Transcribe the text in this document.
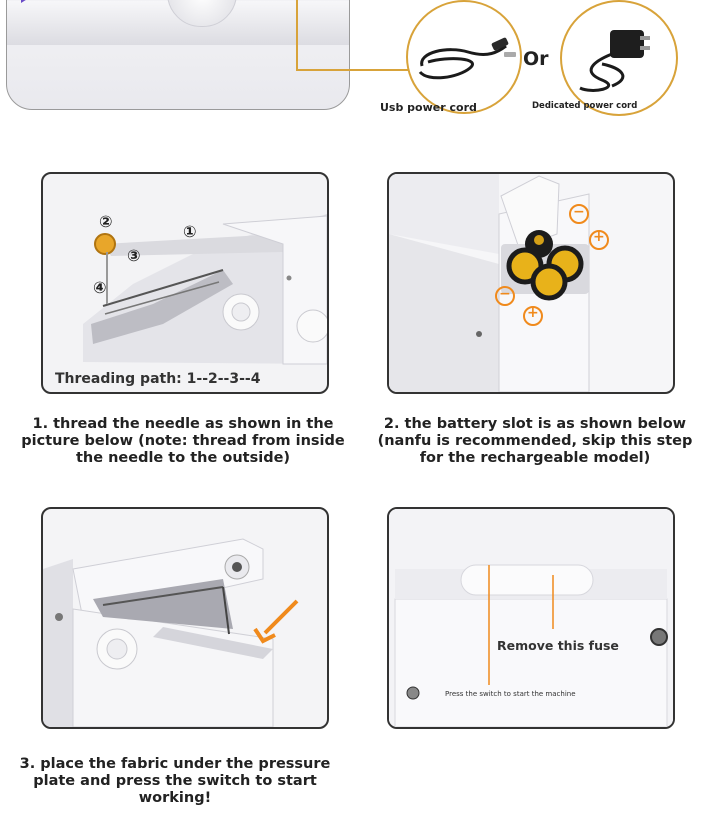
Or
Usb power cord	Dedicated power cord
Threading path: 1--2--3--4
①
②
③
④
−
+
−
+
1. thread the needle as shown in the picture below (note: thread from inside the needle to the outside)
2. the battery slot is as shown below (nanfu is recommended, skip this step for the rechargeable model)
Remove this fuse
Press the switch to start the machine
3. place the fabric under the pressure plate and press the switch to start working!
